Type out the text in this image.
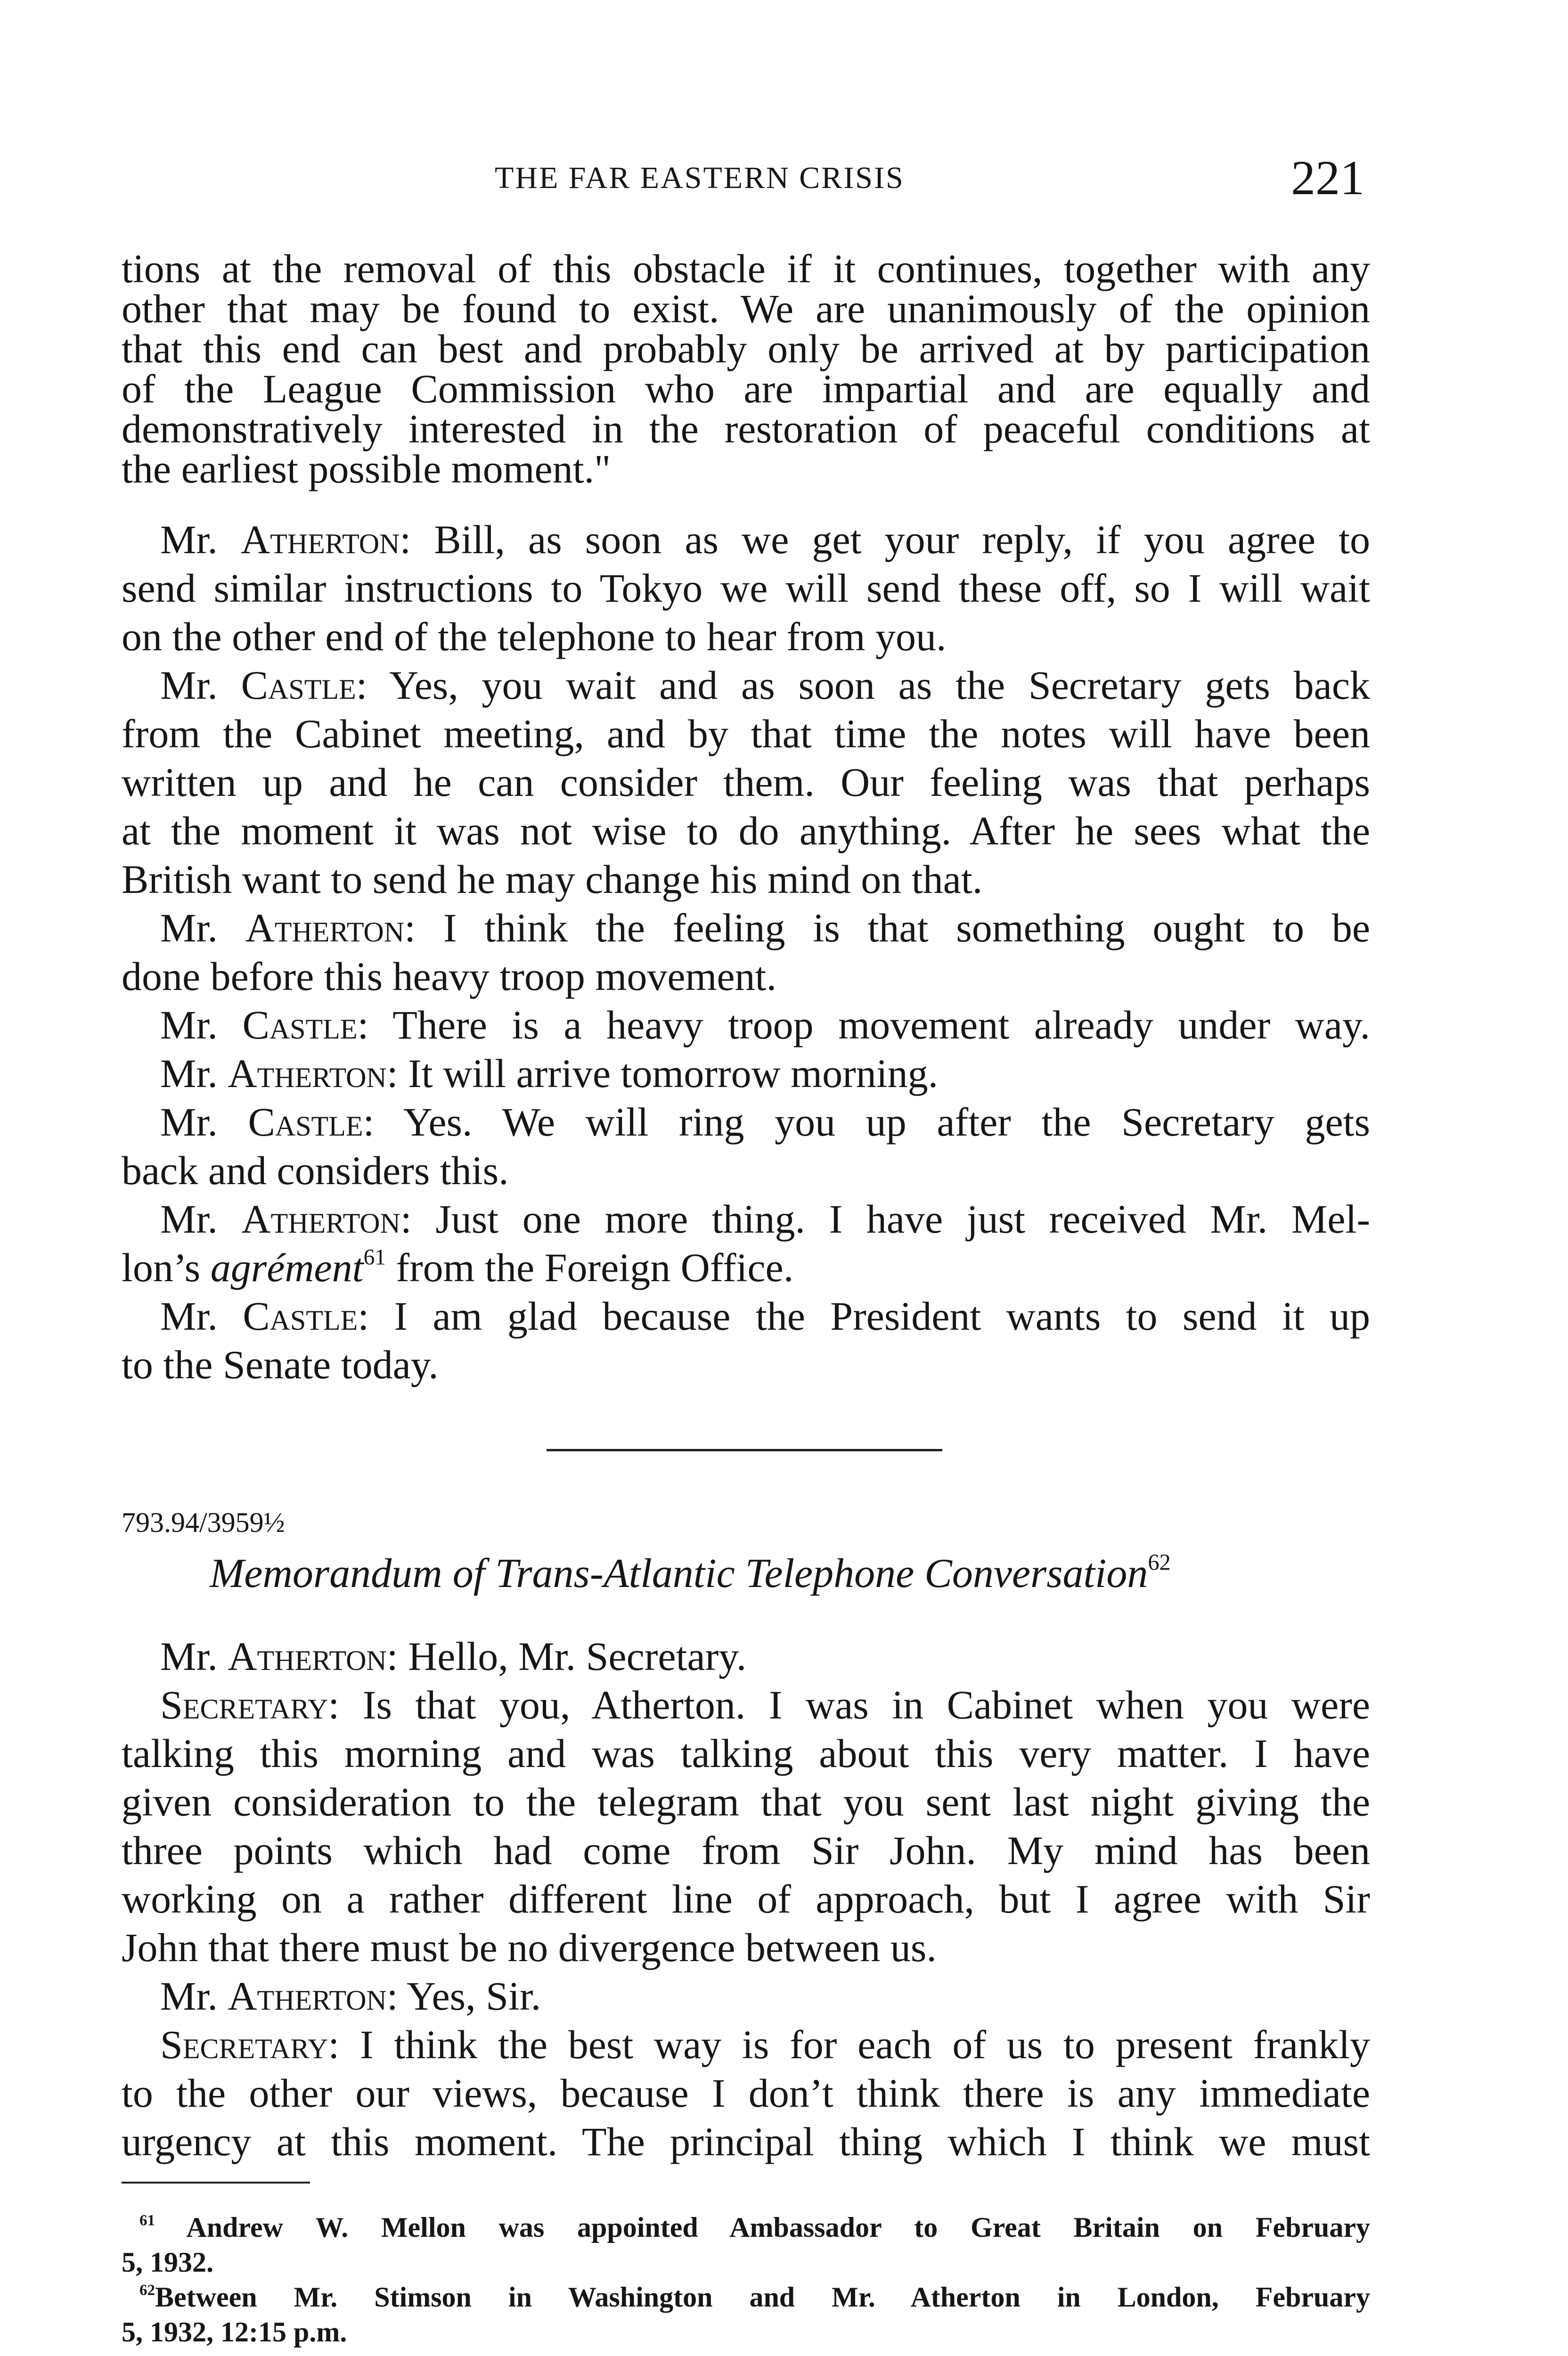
THE FAR EASTERN CRISIS	221
tions at the removal of this obstacle if it continues, together with any
other that may be found to exist. We are unanimously of the opinion
that this end can best and probably only be arrived at by participation
of the League Commission who are impartial and are equally and
demonstratively interested in the restoration of peaceful conditions at
the earliest possible moment."
Mr. Atherton: Bill, as soon as we get your reply, if you agree to
send similar instructions to Tokyo we will send these off, so I will wait
on the other end of the telephone to hear from you.
Mr. Castle: Yes, you wait and as soon as the Secretary gets back
from the Cabinet meeting, and by that time the notes will have been
written up and he can consider them. Our feeling was that perhaps
at the moment it was not wise to do anything. After he sees what the
British want to send he may change his mind on that.
Mr. Atherton: I think the feeling is that something ought to be
done before this heavy troop movement.
Mr. Castle: There is a heavy troop movement already under way.
Mr. Atherton: It will arrive tomorrow morning.
Mr. Castle: Yes. We will ring you up after the Secretary gets
back and considers this.
Mr. Atherton: Just one more thing. I have just received Mr. Mel-
lon’s agrément$^{61}$ from the Foreign Office.
Mr. Castle: I am glad because the President wants to send it up
to the Senate today.
793.94/3959½
Memorandum of Trans-Atlantic Telephone Conversation$^{62}$
Mr. Atherton: Hello, Mr. Secretary.
Secretary: Is that you, Atherton. I was in Cabinet when you were
talking this morning and was talking about this very matter. I have
given consideration to the telegram that you sent last night giving the
three points which had come from Sir John. My mind has been
working on a rather different line of approach, but I agree with Sir
John that there must be no divergence between us.
Mr. Atherton: Yes, Sir.
Secretary: I think the best way is for each of us to present frankly
to the other our views, because I don’t think there is any immediate
urgency at this moment. The principal thing which I think we must
$^{61}$ Andrew W. Mellon was appointed Ambassador to Great Britain on February
5, 1932.
$^{62}$Between Mr. Stimson in Washington and Mr. Atherton in London, February
5, 1932, 12:15 p.m.
